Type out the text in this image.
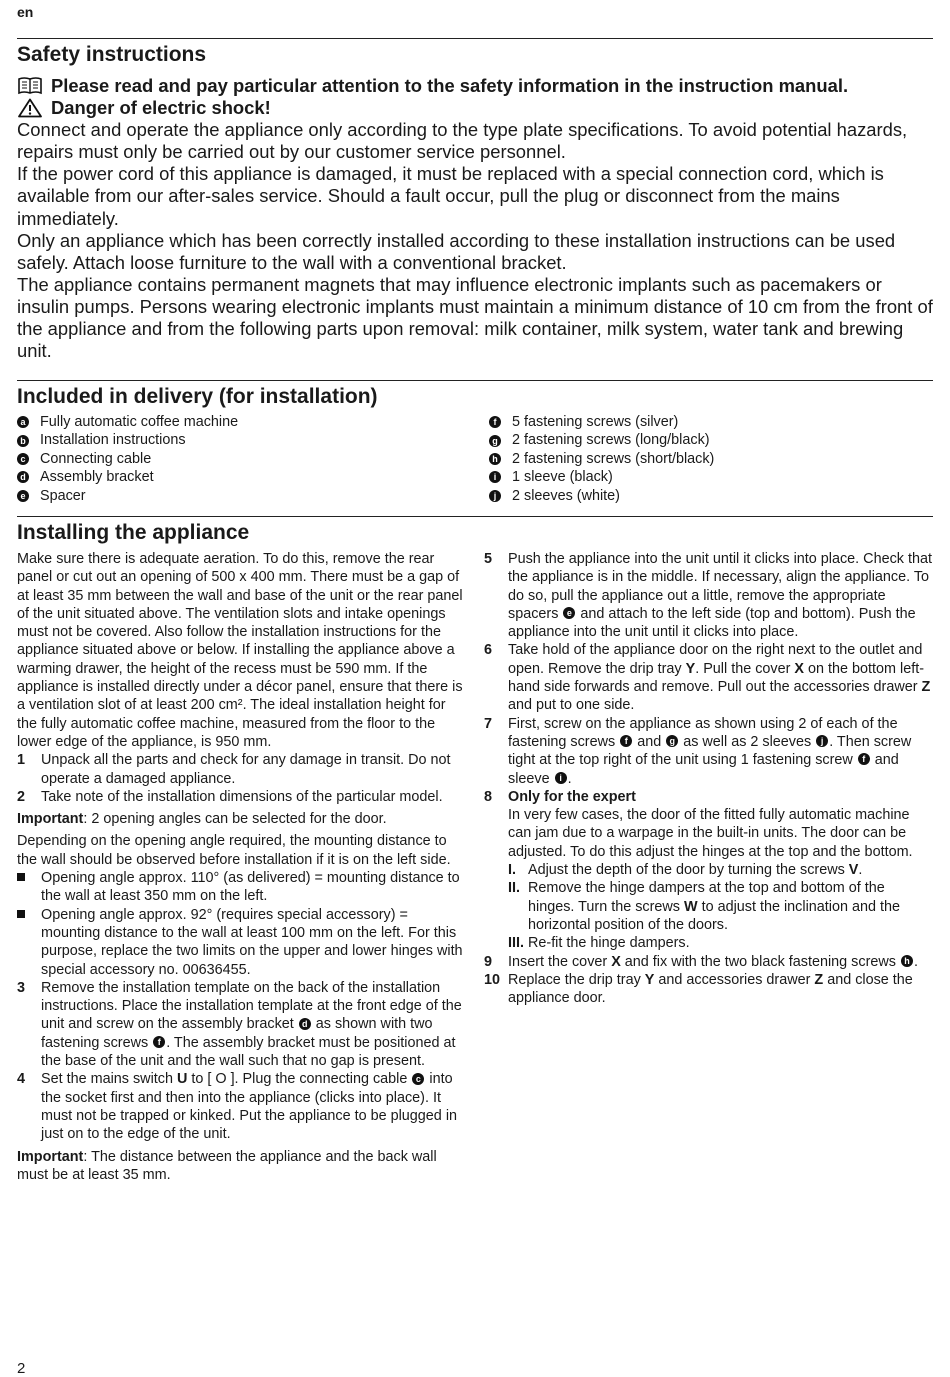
en
Safety instructions

Please read and pay particular attention to the safety information in the instruction manual.

Danger of electric shock!

Connect and operate the appliance only according to the type plate specifications. To avoid potential hazards, repairs must only be carried out by our customer service personnel.

If the power cord of this appliance is damaged, it must be replaced with a special connection cord, which is available from our after-sales service. Should a fault occur, pull the plug or disconnect from the mains immediately.

Only an appliance which has been correctly installed according to these installation instructions can be used safely. Attach loose furniture to the wall with a conventional bracket.

The appliance contains permanent magnets that may influence electronic implants such as pacemakers or insulin pumps. Persons wearing electronic implants must maintain a minimum distance of 10 cm from the front of the appliance and from the following parts upon removal: milk container, milk system, water tank and brewing unit.

Included in delivery (for installation)
a Fully automatic coffee machine
b Installation instructions
c Connecting cable
d Assembly bracket
e Spacer
f	5 fastening screws (silver)
g 2 fastening screws (long/black)
h 2 fastening screws (short/black)
i	1 sleeve (black)
j	2 sleeves (white)
Installing the appliance

Make sure there is adequate aeration. To do this, remove the rear panel or cut out an opening of 500 x 400 mm. There must be a gap of at least 35 mm between the wall and base of the unit or the rear panel of the unit situated above. The ventilation slots and intake openings must not be covered. Also follow the installation instructions for the appliance situated above or below. If installing the appliance above a warming drawer, the height of the recess must be 590 mm. If the appliance is installed directly under a décor panel, ensure that there is a ventilation slot of at least 200 cm². The ideal installation height for the fully automatic coffee machine, measured from the floor to the lower edge of the appliance, is 950 mm.

1	Unpack all the parts and check for any damage in transit. Do not operate a damaged appliance.
2	Take note of the installation dimensions of the particular model.

Important: 2 opening angles can be selected for the door.

Depending on the opening angle required, the mounting distance to the wall should be observed before installation if it is on the left side.

Opening angle approx. 110° (as delivered) = mounting distance to the wall at least 350 mm on the left.
Opening angle approx. 92° (requires special accessory) = mounting distance to the wall at least 100 mm on the left. For this purpose, replace the two limits on the upper and lower hinges with special accessory no. 00636455.
3	Remove the installation template on the back of the installation instructions. Place the installation template at the front edge of the unit and screw on the assembly bracket d as shown with two fastening screws f . The assembly bracket must be positioned at the base of the unit and the wall such that no gap is present.
4	Set the mains switch U to [ O ]. Plug the connecting cable c into the socket first and then into the appliance (clicks into place). It must not be trapped or kinked. Put the appliance to be plugged in just on to the edge of the unit.

Important: The distance between the appliance and the back wall must be at least 35 mm.

5	Push the appliance into the unit until it clicks into place. Check that the appliance is in the middle. If necessary, align the appliance. To do so, pull the appliance out a little, remove the appropriate spacers e and attach to the left side (top and bottom). Push the appliance into the unit until it clicks into place.
6	Take hold of the appliance door on the right next to the outlet and open. Remove the drip tray Y. Pull the cover X on the bottom left-hand side forwards and remove. Pull out the accessories drawer Z and put to one side.
7	First, screw on the appliance as shown using 2 of each of the fastening screws f and g as well as 2 sleeves j . Then screw tight at the top right of the unit using 1 fastening screw f and sleeve i .
8	Only for the expert
In very few cases, the door of the fitted fully automatic machine can jam due to a warpage in the built-in units. The door can be adjusted. To do this adjust the hinges at the top and the bottom.
I. Adjust the depth of the door by turning the screws V.
II. Remove the hinge dampers at the top and bottom of the hinges. Turn the screws W to adjust the inclination and the horizontal position of the doors.
III. Re-fit the hinge dampers.
9	Insert the cover X and fix with the two black fastening screws h .
10 Replace the drip tray Y and accessories drawer Z and close the appliance door.
2
